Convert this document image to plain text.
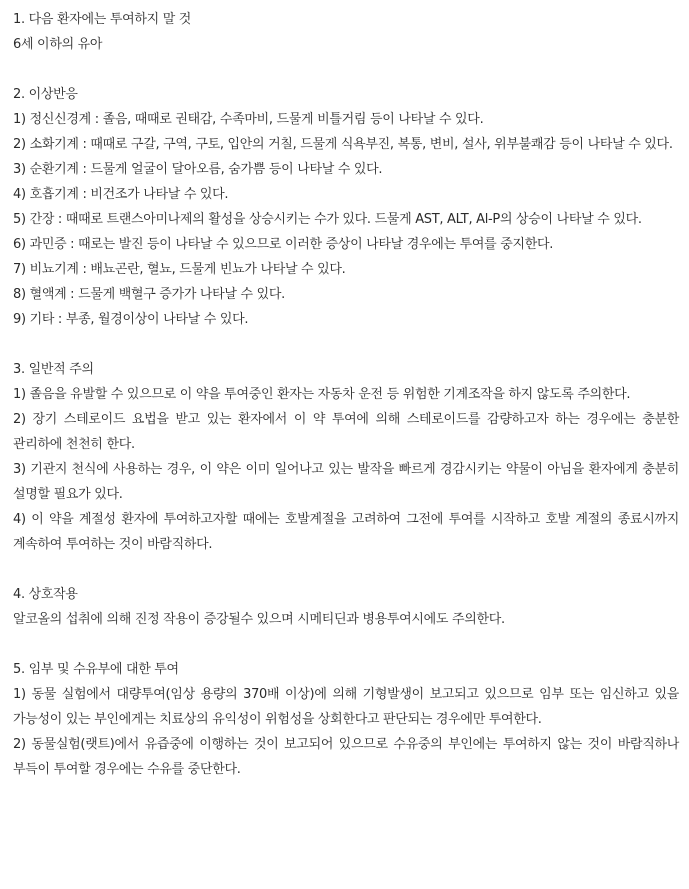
1. 다음 환자에는 투여하지 말 것
6세 이하의 유아
2. 이상반응
1) 정신신경계 : 졸음, 때때로 권태감, 수족마비, 드물게 비틀거림 등이 나타날 수 있다.
2) 소화기계 : 때때로 구갈, 구역, 구토, 입안의 거칠, 드물게 식욕부진, 복통, 변비, 설사, 위부불쾌감 등이 나타날 수 있다.
3) 순환기계 : 드물게 얼굴이 달아오름, 숨가쁨 등이 나타날 수 있다.
4) 호흡기계 : 비건조가 나타날 수 있다.
5) 간장 : 때때로 트랜스아미나제의 활성을 상승시키는 수가 있다. 드물게 AST, ALT, Al-P의 상승이 나타날 수 있다.
6) 과민증 : 때로는 발진 등이 나타날 수 있으므로 이러한 증상이 나타날 경우에는 투여를 중지한다.
7) 비뇨기계 : 배뇨곤란, 혈뇨, 드물게 빈뇨가 나타날 수 있다.
8) 혈액계 : 드물게 백혈구 증가가 나타날 수 있다.
9) 기타 : 부종, 월경이상이 나타날 수 있다.
3. 일반적 주의
1) 졸음을 유발할 수 있으므로 이 약을 투여중인 환자는 자동차 운전 등 위험한 기계조작을 하지 않도록 주의한다.
2) 장기 스테로이드 요법을 받고 있는 환자에서 이 약 투여에 의해 스테로이드를 감량하고자 하는 경우에는 충분한 관리하에 천천히 한다.
3) 기관지 천식에 사용하는 경우, 이 약은 이미 일어나고 있는 발작을 빠르게 경감시키는 약물이 아님을 환자에게 충분히 설명할 필요가 있다.
4) 이 약을 계절성 환자에 투여하고자할 때에는 호발계절을 고려하여 그전에 투여를 시작하고 호발 계절의 종료시까지 계속하여 투여하는 것이 바람직하다.
4. 상호작용
알코올의 섭취에 의해 진정 작용이 증강될수 있으며 시메티딘과 병용투여시에도 주의한다.
5. 임부 및 수유부에 대한 투여
1) 동물 실험에서 대량투여(임상 용량의 370배 이상)에 의해 기형발생이 보고되고 있으므로 임부 또는 임신하고 있을 가능성이 있는 부인에게는 치료상의 유익성이 위험성을 상회한다고 판단되는 경우에만 투여한다.
2) 동물실험(랫트)에서 유즙중에 이행하는 것이 보고되어 있으므로 수유중의 부인에는 투여하지 않는 것이 바람직하나 부득이 투여할 경우에는 수유를 중단한다.
